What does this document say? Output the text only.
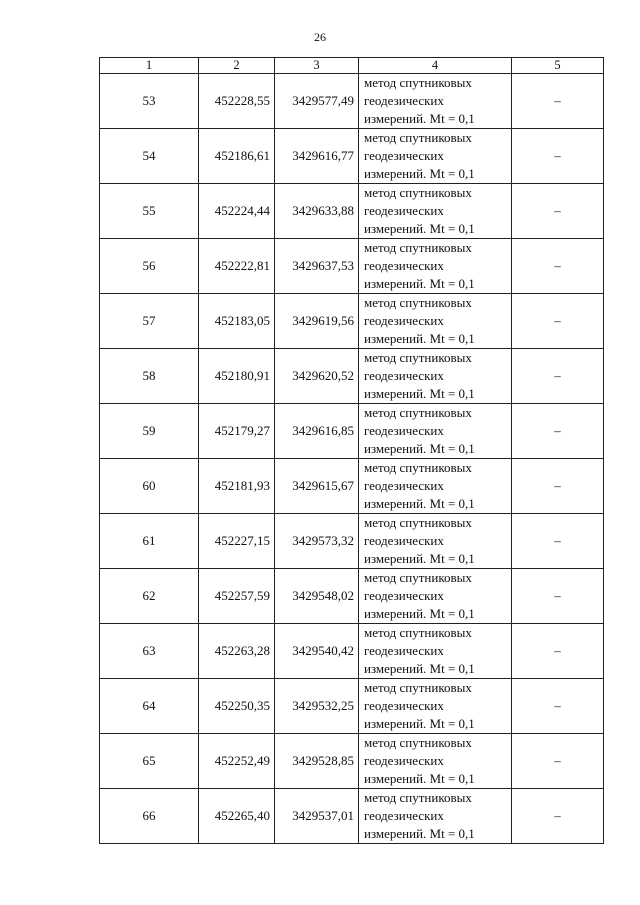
26
1	2	3	4	5
53	452228,55	3429577,49	метод спутниковых
геодезических
измерений. Mt = 0,1	–
54	452186,61	3429616,77	метод спутниковых
геодезических
измерений. Mt = 0,1	–
55	452224,44	3429633,88	метод спутниковых
геодезических
измерений. Mt = 0,1	–
56	452222,81	3429637,53	метод спутниковых
геодезических
измерений. Mt = 0,1	–
57	452183,05	3429619,56	метод спутниковых
геодезических
измерений. Mt = 0,1	–
58	452180,91	3429620,52	метод спутниковых
геодезических
измерений. Mt = 0,1	–
59	452179,27	3429616,85	метод спутниковых
геодезических
измерений. Mt = 0,1	–
60	452181,93	3429615,67	метод спутниковых
геодезических
измерений. Mt = 0,1	–
61	452227,15	3429573,32	метод спутниковых
геодезических
измерений. Mt = 0,1	–
62	452257,59	3429548,02	метод спутниковых
геодезических
измерений. Mt = 0,1	–
63	452263,28	3429540,42	метод спутниковых
геодезических
измерений. Mt = 0,1	–
64	452250,35	3429532,25	метод спутниковых
геодезических
измерений. Mt = 0,1	–
65	452252,49	3429528,85	метод спутниковых
геодезических
измерений. Mt = 0,1	–
66	452265,40	3429537,01	метод спутниковых
геодезических
измерений. Mt = 0,1	–
